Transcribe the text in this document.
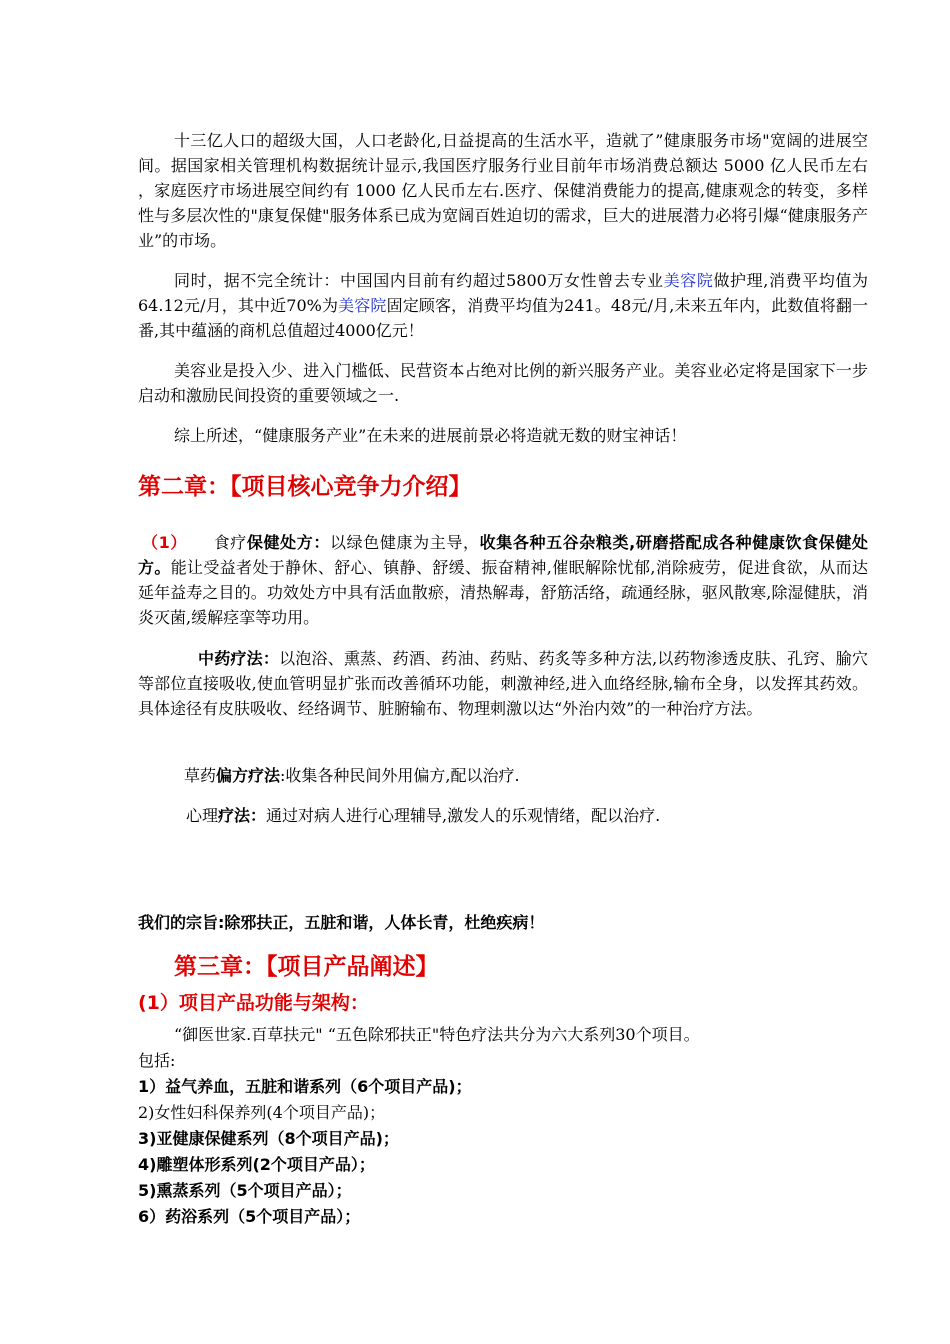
十三亿人口的超级大国，人口老龄化,日益提高的生活水平，造就了”健康服务市场"宽阔的进展空间。据国家相关管理机构数据统计显示,我国医疗服务行业目前年市场消费总额达 5000 亿人民币左右 ，家庭医疗市场进展空间约有 1000 亿人民币左右.医疗、保健消费能力的提高,健康观念的转变，多样性与多层次性的"康复保健"服务体系已成为宽阔百姓迫切的需求，巨大的进展潜力必将引爆“健康服务产业”的市场。

同时，据不完全统计：中国国内目前有约超过5800万女性曾去专业美容院做护理,消费平均值为64.12元/月，其中近70%为美容院固定顾客，消费平均值为241。48元/月,未来五年内，此数值将翻一番,其中蕴涵的商机总值超过4000亿元！

美容业是投入少、进入门槛低、民营资本占绝对比例的新兴服务产业。美容业必定将是国家下一步启动和激励民间投资的重要领域之一.

综上所述，“健康服务产业”在未来的进展前景必将造就无数的财宝神话！

第二章：【项目核心竞争力介绍】

（1） 食疗保健处方：以绿色健康为主导，收集各种五谷杂粮类,研磨搭配成各种健康饮食保健处方。能让受益者处于静休、舒心、镇静、舒缓、振奋精神,催眠解除忧郁,消除疲劳，促进食欲，从而达延年益寿之目的。功效处方中具有活血散瘀，清热解毒，舒筋活络，疏通经脉，驱风散寒,除湿健肤，消炎灭菌,缓解痉挛等功用。

中药疗法：以泡浴、熏蒸、药酒、药油、药贴、药炙等多种方法,以药物渗透皮肤、孔窍、腧穴等部位直接吸收,使血管明显扩张而改善循环功能，刺激神经,进入血络经脉,输布全身，以发挥其药效。具体途径有皮肤吸收、经络调节、脏腑输布、物理刺激以达“外治内效”的一种治疗方法。

草药偏方疗法:收集各种民间外用偏方,配以治疗.

心理疗法：通过对病人进行心理辅导,激发人的乐观情绪，配以治疗.

我们的宗旨:除邪扶正，五脏和谐，人体长青，杜绝疾病！

第三章：【项目产品阐述】

(1）项目产品功能与架构：

“御医世家.百草扶元" “五色除邪扶正"特色疗法共分为六大系列30个项目。

包括:

1）益气养血，五脏和谐系列（6个项目产品)；

2)女性妇科保养列(4个项目产品)；

3)亚健康保健系列（8个项目产品)；

4)雕塑体形系列(2个项目产品）；

5)熏蒸系列（5个项目产品）；

6）药浴系列（5个项目产品）；
